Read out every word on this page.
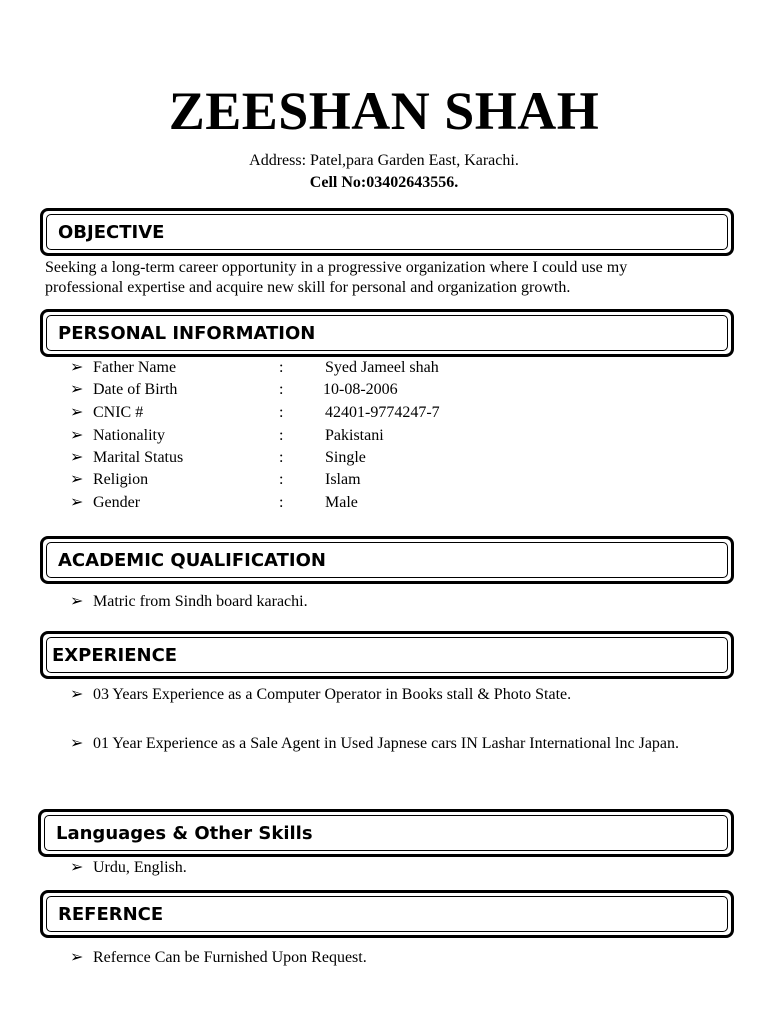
ZEESHAN SHAH
Address: Patel,para Garden East, Karachi.
Cell No:03402643556.
OBJECTIVE
Seeking a long-term career opportunity in a progressive organization where I could use my
professional expertise and acquire new skill for personal and organization growth.
PERSONAL INFORMATION
➢ Father Name	:	Syed Jameel shah
➢ Date of Birth	: 10-08-2006
➢ CNIC #	:	42401-9774247-7
➢ Nationality	:	Pakistani
➢ Marital Status	:	Single
➢ Religion	:	Islam
➢ Gender	:	Male
ACADEMIC QUALIFICATION
➢ Matric from Sindh board karachi.
EXPERIENCE
➢ 03 Years Experience as a Computer Operator in Books stall & Photo State.
➢ 01 Year Experience as a Sale Agent in Used Japnese cars IN Lashar International lnc Japan.
Languages & Other Skills
➢ Urdu, English.
REFERNCE
➢ Refernce Can be Furnished Upon Request.
